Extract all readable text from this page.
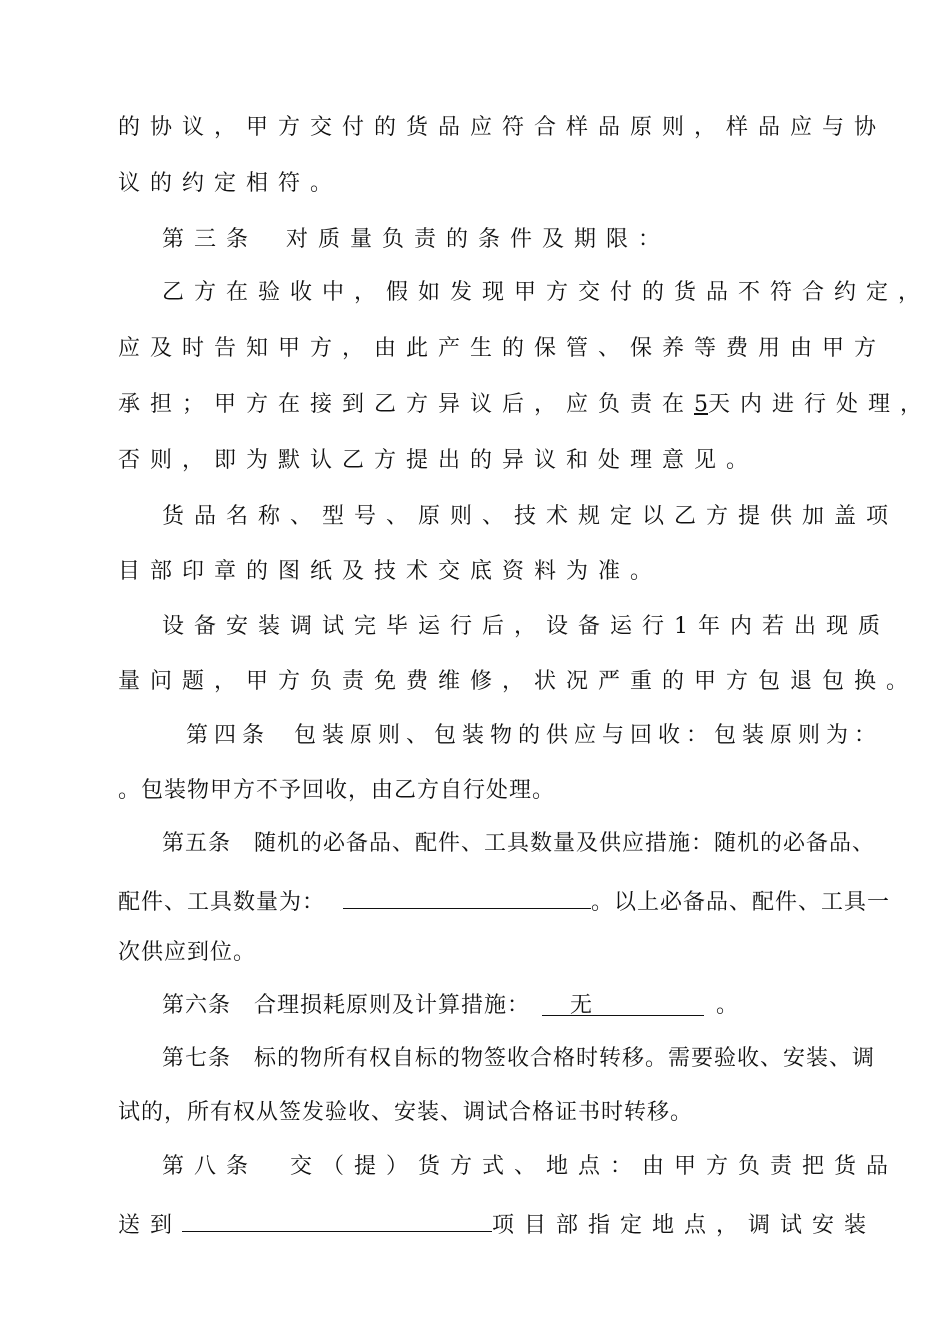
的协议，甲方交付的货品应符合样品原则，样品应与协
议的约定相符。
第三条 对质量负责的条件及期限：
乙方在验收中，假如发现甲方交付的货品不符合约定，
应及时告知甲方，由此产生的保管、保养等费用由甲方
承担；甲方在接到乙方异议后，应负责在5天内进行处理，
否则，即为默认乙方提出的异议和处理意见。
货品名称、型号、原则、技术规定以乙方提供加盖项
目部印章的图纸及技术交底资料为准。
设备安装调试完毕运行后，设备运行1年内若出现质
量问题，甲方负责免费维修，状况严重的甲方包退包换。
第四条 包装原则、包装物的供应与回收：包装原则为：
。包装物甲方不予回收，由乙方自行处理。
第五条　随机的必备品、配件、工具数量及供应措施：随机的必备品、
配件、工具数量为：	。以上必备品、配件、工具一
次供应到位。
第六条　合理损耗原则及计算措施： 无	。
第七条　标的物所有权自标的物签收合格时转移。需要验收、安装、调
试的，所有权从签发验收、安装、调试合格证书时转移。
第八条　交（提）货方式、地点：由甲方负责把货品
送到	项目部指定地点，调试安装
